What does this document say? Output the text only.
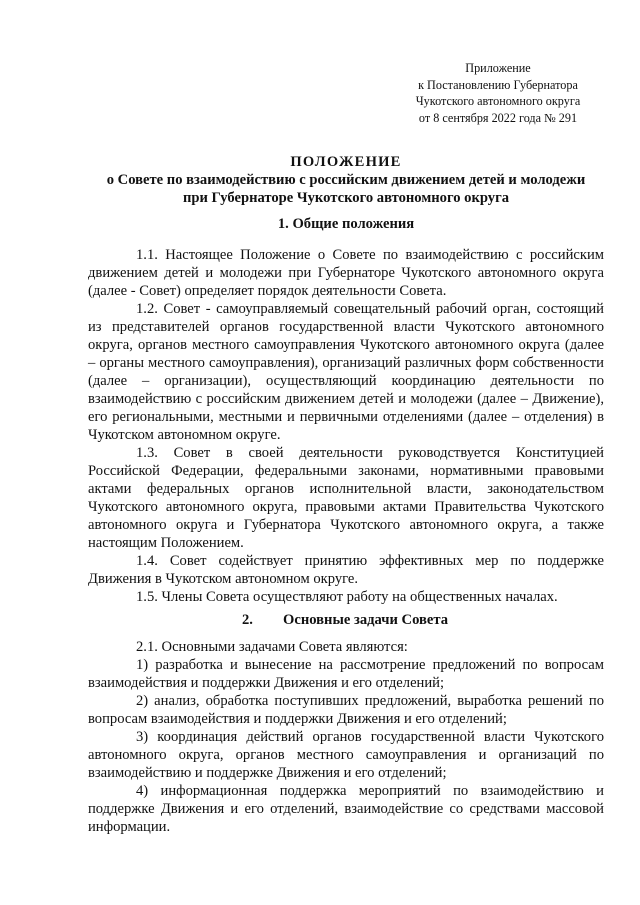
Приложение
к Постановлению Губернатора
Чукотского автономного округа
от 8 сентября 2022 года № 291
ПОЛОЖЕНИЕ
о Совете по взаимодействию с российским движением детей и молодежи
при Губернаторе Чукотского автономного округа
1. Общие положения

1.1. Настоящее Положение о Совете по взаимодействию с российским движением детей и молодежи при Губернаторе Чукотского автономного округа (далее - Совет) определяет порядок деятельности Совета.

1.2. Совет - самоуправляемый совещательный рабочий орган, состоящий из представителей органов государственной власти Чукотского автономного округа, органов местного самоуправления Чукотского автономного округа (далее – органы местного самоуправления), организаций различных форм собственности (далее – организации), осуществляющий координацию деятельности по взаимодействию с российским движением детей и молодежи (далее – Движение), его региональными, местными и первичными отделениями (далее – отделения) в Чукотском автономном округе.

1.3. Совет в своей деятельности руководствуется Конституцией Российской Федерации, федеральными законами, нормативными правовыми актами федеральных органов исполнительной власти, законодательством Чукотского автономного округа, правовыми актами Правительства Чукотского автономного округа и Губернатора Чукотского автономного округа, а также настоящим Положением.

1.4. Совет содействует принятию эффективных мер по поддержке Движения в Чукотском автономном округе.

1.5. Члены Совета осуществляют работу на общественных началах.

2. Основные задачи Совета

2.1. Основными задачами Совета являются:

1) разработка и вынесение на рассмотрение предложений по вопросам взаимодействия и поддержки Движения и его отделений;

2) анализ, обработка поступивших предложений, выработка решений по вопросам взаимодействия и поддержки Движения и его отделений;

3) координация действий органов государственной власти Чукотского автономного округа, органов местного самоуправления и организаций по взаимодействию и поддержке Движения и его отделений;

4) информационная поддержка мероприятий по взаимодействию и поддержке Движения и его отделений, взаимодействие со средствами массовой информации.
